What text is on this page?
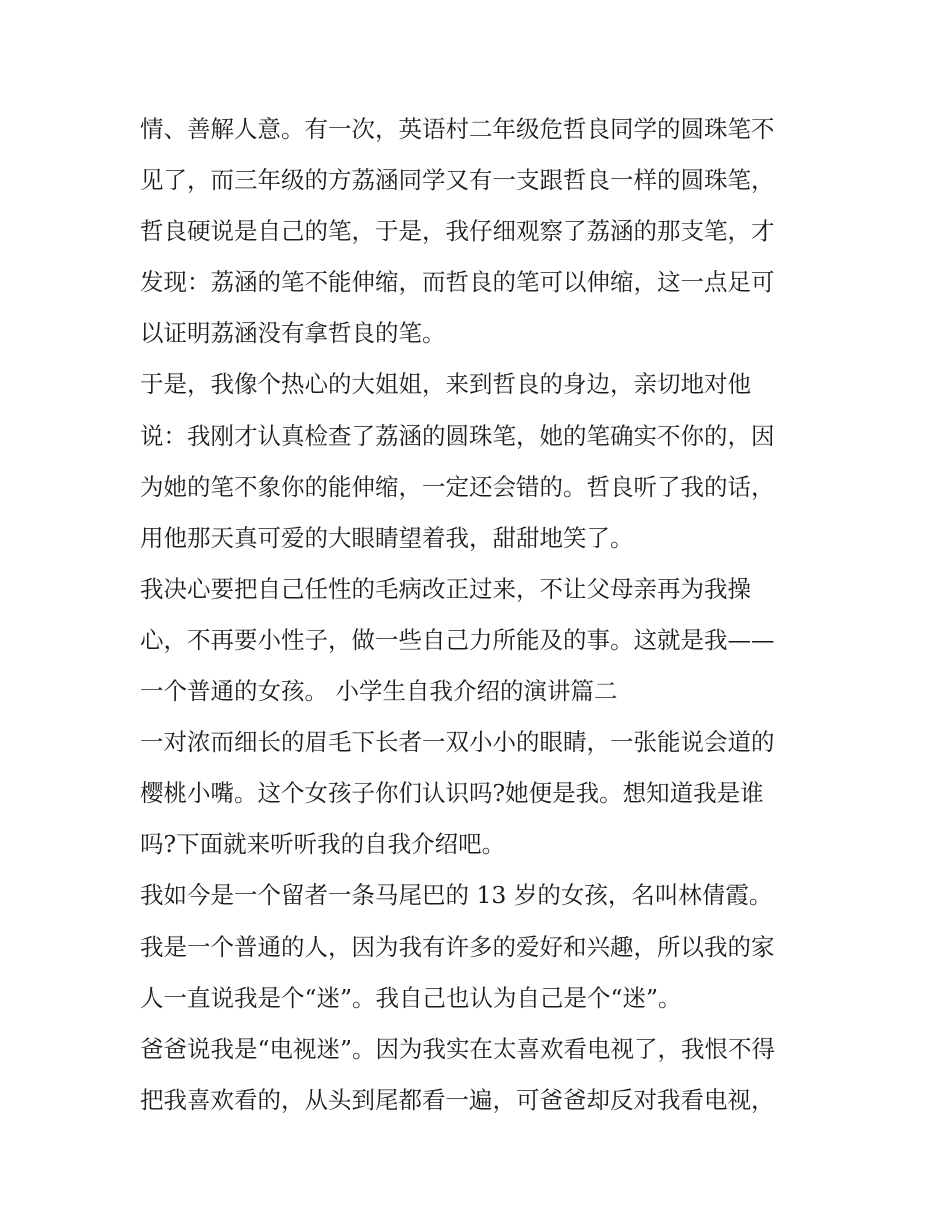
情、善解人意。有一次，英语村二年级危哲良同学的圆珠笔不
见了，而三年级的方荔涵同学又有一支跟哲良一样的圆珠笔，
哲良硬说是自己的笔，于是，我仔细观察了荔涵的那支笔，才
发现：荔涵的笔不能伸缩，而哲良的笔可以伸缩，这一点足可
以证明荔涵没有拿哲良的笔。
于是，我像个热心的大姐姐，来到哲良的身边，亲切地对他
说：我刚才认真检查了荔涵的圆珠笔，她的笔确实不你的，因
为她的笔不象你的能伸缩，一定还会错的。哲良听了我的话，
用他那天真可爱的大眼睛望着我，甜甜地笑了。
我决心要把自己任性的毛病改正过来，不让父母亲再为我操
心，不再要小性子，做一些自己力所能及的事。这就是我——
一个普通的女孩。 小学生自我介绍的演讲篇二
一对浓而细长的眉毛下长者一双小小的眼睛，一张能说会道的
樱桃小嘴。这个女孩子你们认识吗?她便是我。想知道我是谁
吗?下面就来听听我的自我介绍吧。
我如今是一个留者一条马尾巴的 13 岁的女孩，名叫林倩霞。
我是一个普通的人，因为我有许多的爱好和兴趣，所以我的家
人一直说我是个“迷”。我自己也认为自己是个“迷”。
爸爸说我是“电视迷”。因为我实在太喜欢看电视了，我恨不得
把我喜欢看的，从头到尾都看一遍，可爸爸却反对我看电视，
